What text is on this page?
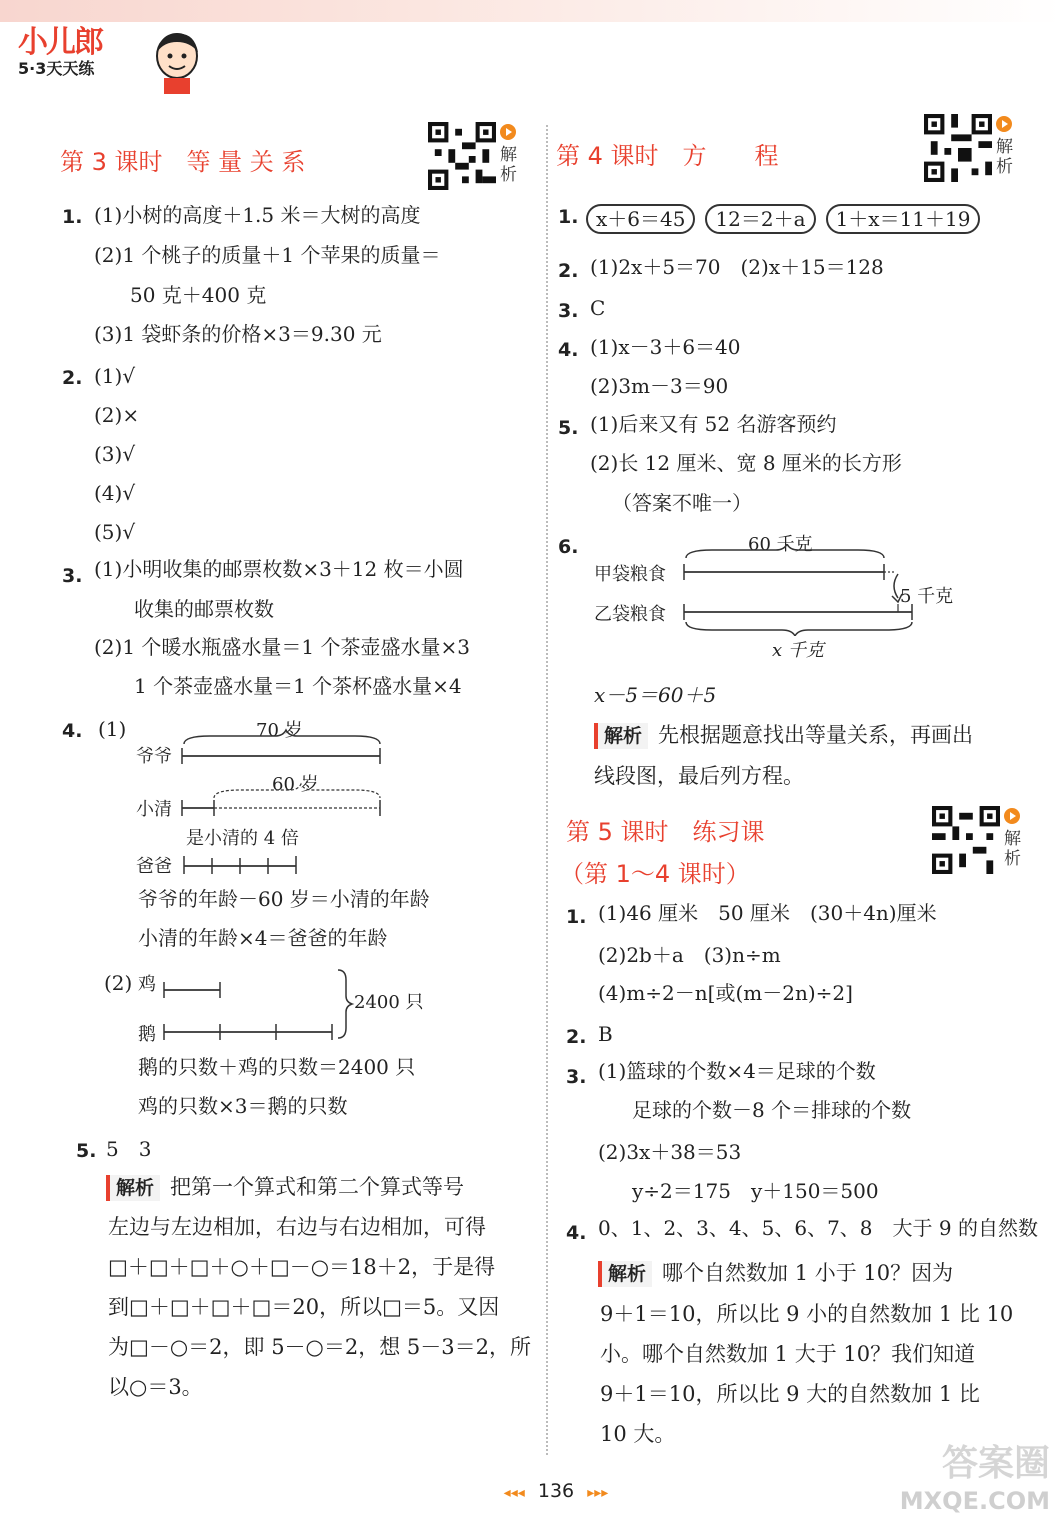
小儿郎
5·3天天练
第 3 课时　等 量 关 系	解析
1. (1)小树的高度＋1.5 米＝大树的高度
(2)1 个桃子的质量＋1 个苹果的质量＝
50 克＋400 克
(3)1 袋虾条的价格×3＝9.30 元
2. (1)√
(2)×
(3)√
(4)√
(5)√
3. (1)小明收集的邮票枚数×3＋12 枚＝小圆
收集的邮票枚数
(2)1 个暖水瓶盛水量＝1 个茶壶盛水量×3
1 个茶壶盛水量＝1 个茶杯盛水量×4
4. (1)	70 岁
爷爷
60 岁
小清
是小清的 4 倍
爸爸
爷爷的年龄－60 岁＝小清的年龄
小清的年龄×4＝爸爸的年龄
(2) 鸡
鹅
2400 只
鹅的只数＋鸡的只数＝2400 只
鸡的只数×3＝鹅的只数
5. 5　3
解析 把第一个算式和第二个算式等号
左边与左边相加，右边与右边相加，可得
□＋□＋□＋○＋□－○＝18＋2，于是得
到□＋□＋□＋□＝20，所以□＝5。又因
为□－○＝2，即 5－○＝2，想 5－3＝2，所
以○＝3。
第 4 课时　方　　程	解析
1. x＋6＝45 12＝2＋a 1＋x＝11＋19
2. (1)2x＋5＝70　(2)x＋15＝128
3. C
4. (1)x－3＋6＝40
(2)3m－3＝90
5. (1)后来又有 52 名游客预约
(2)长 12 厘米、宽 8 厘米的长方形
（答案不唯一）
6.	60 千克
甲袋粮食
5 千克
乙袋粮食
x 千克
x－5＝60＋5
解析 先根据题意找出等量关系，再画出
线段图，最后列方程。
第 5 课时　练习课
（第 1～4 课时）
解析
1. (1)46 厘米　50 厘米　(30＋4n)厘米
(2)2b＋a　(3)n÷m
(4)m÷2－n[或(m－2n)÷2]
2. B
3. (1)篮球的个数×4＝足球的个数
足球的个数－8 个＝排球的个数
(2)3x＋38＝53
y÷2＝175　y＋150＝500
4. 0、1、2、3、4、5、6、7、8　大于 9 的自然数
解析 哪个自然数加 1 小于 10？因为
9＋1＝10，所以比 9 小的自然数加 1 比 10
小。哪个自然数加 1 大于 10？我们知道
9＋1＝10，所以比 9 大的自然数加 1 比
10 大。
◂◂◂ 136 ▸▸▸
答案圈
MXQE.COM
